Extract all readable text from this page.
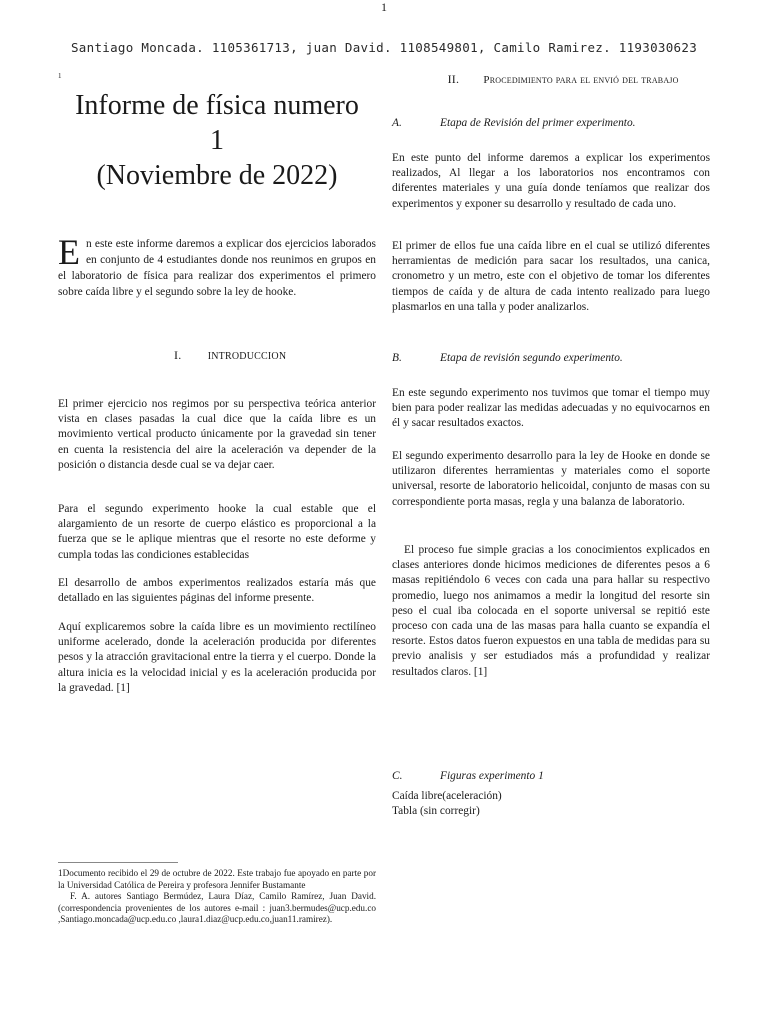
1
Santiago Moncada. 1105361713, juan David. 1108549801, Camilo Ramirez. 1193030623
1
Informe de física numero
1
(Noviembre de 2022)
En este este informe daremos a explicar dos ejercicios laborados en conjunto de 4 estudiantes donde nos reunimos en grupos en el laboratorio de física para realizar dos experimentos el primero sobre caída libre y el segundo sobre la ley de hooke.
I.	INTRODUCCION
El primer ejercicio nos regimos por su perspectiva teórica anterior vista en clases pasadas la cual dice que la caída libre es un movimiento vertical producto únicamente por la gravedad sin tener en cuenta la resistencia del aire la aceleración va depender de la posición o distancia desde cual se va dejar caer.
Para el segundo experimento hooke la cual estable que el alargamiento de un resorte de cuerpo elástico es proporcional a la fuerza que se le aplique mientras que el resorte no este deforme y cumpla todas las condiciones establecidas
El desarrollo de ambos experimentos realizados estaría más que detallado en las siguientes páginas del informe presente.
Aquí explicaremos sobre la caída libre es un movimiento rectilíneo uniforme acelerado, donde la aceleración producida por diferentes pesos y la atracción gravitacional entre la tierra y el cuerpo. Donde la altura inicia es la velocidad inicial y es la aceleración producida por la gravedad. [1]
1Documento recibido el 29 de octubre de 2022. Este trabajo fue apoyado en parte por la Universidad Católica de Pereira y profesora Jennifer Bustamante
F. A. autores Santiago Bermúdez, Laura Díaz, Camilo Ramírez, Juan David. (correspondencia provenientes de los autores e-mail : juan3.bermudes@ucp.edu.co ,Santiago.moncada@ucp.edu.co ,laura1.diaz@ucp.edu.co,juan11.ramirez).
II. Procedimiento para el envió del trabajo
A.	Etapa de Revisión del primer experimento.
En este punto del informe daremos a explicar los experimentos realizados, Al llegar a los laboratorios nos encontramos con diferentes materiales y una guía donde teníamos que realizar dos experimentos y exponer su desarrollo y resultado de cada uno.
El primer de ellos fue una caída libre en el cual se utilizó diferentes herramientas de medición para sacar los resultados, una canica, cronometro y un metro, este con el objetivo de tomar los diferentes tiempos de caída y de altura de cada intento realizado para luego plasmarlos en una talla y poder analizarlos.
B.	Etapa de revisión segundo experimento.
En este segundo experimento nos tuvimos que tomar el tiempo muy bien para poder realizar las medidas adecuadas y no equivocarnos en él y sacar resultados exactos.
El segundo experimento desarrollo para la ley de Hooke en donde se utilizaron diferentes herramientas y materiales como el soporte universal, resorte de laboratorio helicoidal, conjunto de masas con su correspondiente porta masas, regla y una balanza de laboratorio.
El proceso fue simple gracias a los conocimientos explicados en clases anteriores donde hicimos mediciones de diferentes pesos a 6 masas repitiéndolo 6 veces con cada una para hallar su respectivo promedio, luego nos animamos a medir la longitud del resorte sin peso el cual iba colocada en el soporte universal se repitió este proceso con cada una de las masas para halla cuanto se expandía el resorte. Estos datos fueron expuestos en una tabla de medidas para su previo analisis y ser estudiados más a profundidad y realizar resultados claros. [1]
C.	Figuras experimento 1
Caída libre(aceleración)
Tabla (sin corregir)
